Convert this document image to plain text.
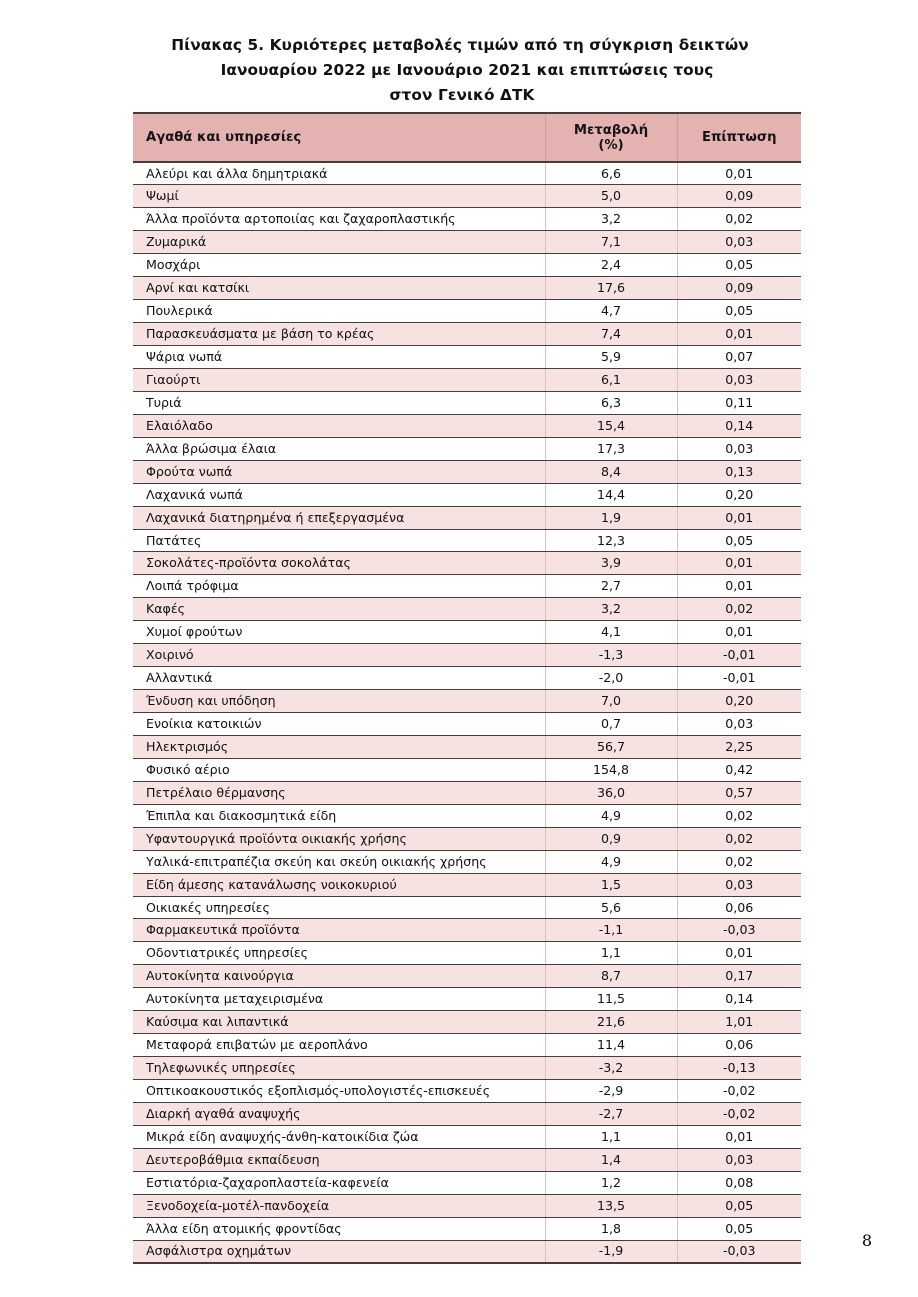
Πίνακας 5. Κυριότερες μεταβολές τιμών από τη σύγκριση δεικτών
Ιανουαρίου 2022 με Ιανουάριο 2021 και επιπτώσεις τους
στον Γενικό ΔΤΚ
Αγαθά και υπηρεσίες	Μεταβολή (%)	Επίπτωση
Αλεύρι και άλλα δημητριακά	6,6	0,01
Ψωμί	5,0	0,09
Άλλα προϊόντα αρτοποιίας και ζαχαροπλαστικής	3,2	0,02
Ζυμαρικά	7,1	0,03
Μοσχάρι	2,4	0,05
Αρνί και κατσίκι	17,6	0,09
Πουλερικά	4,7	0,05
Παρασκευάσματα με βάση το κρέας	7,4	0,01
Ψάρια νωπά	5,9	0,07
Γιαούρτι	6,1	0,03
Τυριά	6,3	0,11
Ελαιόλαδο	15,4	0,14
Άλλα βρώσιμα έλαια	17,3	0,03
Φρούτα νωπά	8,4	0,13
Λαχανικά νωπά	14,4	0,20
Λαχανικά διατηρημένα ή επεξεργασμένα	1,9	0,01
Πατάτες	12,3	0,05
Σοκολάτες-προϊόντα σοκολάτας	3,9	0,01
Λοιπά τρόφιμα	2,7	0,01
Καφές	3,2	0,02
Χυμοί φρούτων	4,1	0,01
Χοιρινό	-1,3	-0,01
Αλλαντικά	-2,0	-0,01
Ένδυση και υπόδηση	7,0	0,20
Ενοίκια κατοικιών	0,7	0,03
Ηλεκτρισμός	56,7	2,25
Φυσικό αέριο	154,8	0,42
Πετρέλαιο θέρμανσης	36,0	0,57
Έπιπλα και διακοσμητικά είδη	4,9	0,02
Υφαντουργικά προϊόντα οικιακής χρήσης	0,9	0,02
Υαλικά-επιτραπέζια σκεύη και σκεύη οικιακής χρήσης	4,9	0,02
Είδη άμεσης κατανάλωσης νοικοκυριού	1,5	0,03
Οικιακές υπηρεσίες	5,6	0,06
Φαρμακευτικά προϊόντα	-1,1	-0,03
Οδοντιατρικές υπηρεσίες	1,1	0,01
Αυτοκίνητα καινούργια	8,7	0,17
Αυτοκίνητα μεταχειρισμένα	11,5	0,14
Καύσιμα και λιπαντικά	21,6	1,01
Μεταφορά επιβατών με αεροπλάνο	11,4	0,06
Τηλεφωνικές υπηρεσίες	-3,2	-0,13
Οπτικοακουστικός εξοπλισμός-υπολογιστές-επισκευές	-2,9	-0,02
Διαρκή αγαθά αναψυχής	-2,7	-0,02
Μικρά είδη αναψυχής-άνθη-κατοικίδια ζώα	1,1	0,01
Δευτεροβάθμια εκπαίδευση	1,4	0,03
Εστιατόρια-ζαχαροπλαστεία-καφενεία	1,2	0,08
Ξενοδοχεία-μοτέλ-πανδοχεία	13,5	0,05
Άλλα είδη ατομικής φροντίδας	1,8	0,05
Ασφάλιστρα οχημάτων	-1,9	-0,03
8
